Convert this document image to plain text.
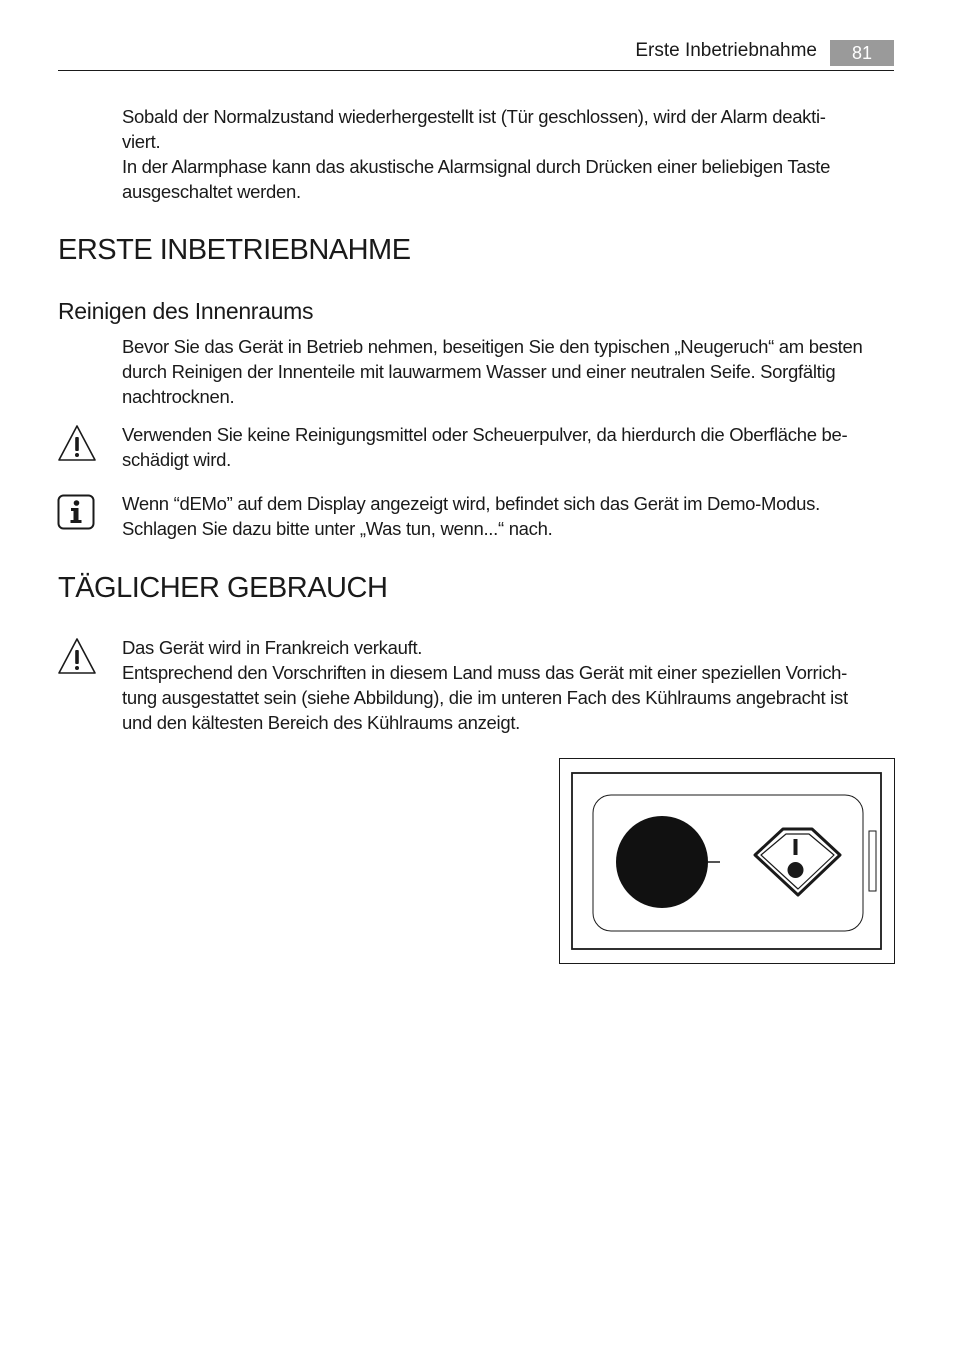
Erste Inbetriebnahme	81
Sobald der Normalzustand wiederhergestellt ist (Tür geschlossen), wird der Alarm deakti-
viert.
In der Alarmphase kann das akustische Alarmsignal durch Drücken einer beliebigen Taste
ausgeschaltet werden.
ERSTE INBETRIEBNAHME
Reinigen des Innenraums
Bevor Sie das Gerät in Betrieb nehmen, beseitigen Sie den typischen „Neugeruch“ am besten
durch Reinigen der Innenteile mit lauwarmem Wasser und einer neutralen Seife. Sorgfältig
nachtrocknen.
Verwenden Sie keine Reinigungsmittel oder Scheuerpulver, da hierdurch die Oberfläche be-
schädigt wird.
Wenn “dEMo” auf dem Display angezeigt wird, befindet sich das Gerät im Demo-Modus.
Schlagen Sie dazu bitte unter „Was tun, wenn...“ nach.
TÄGLICHER GEBRAUCH
Das Gerät wird in Frankreich verkauft.
Entsprechend den Vorschriften in diesem Land muss das Gerät mit einer speziellen Vorrich-
tung ausgestattet sein (siehe Abbildung), die im unteren Fach des Kühlraums angebracht ist
und den kältesten Bereich des Kühlraums anzeigt.
